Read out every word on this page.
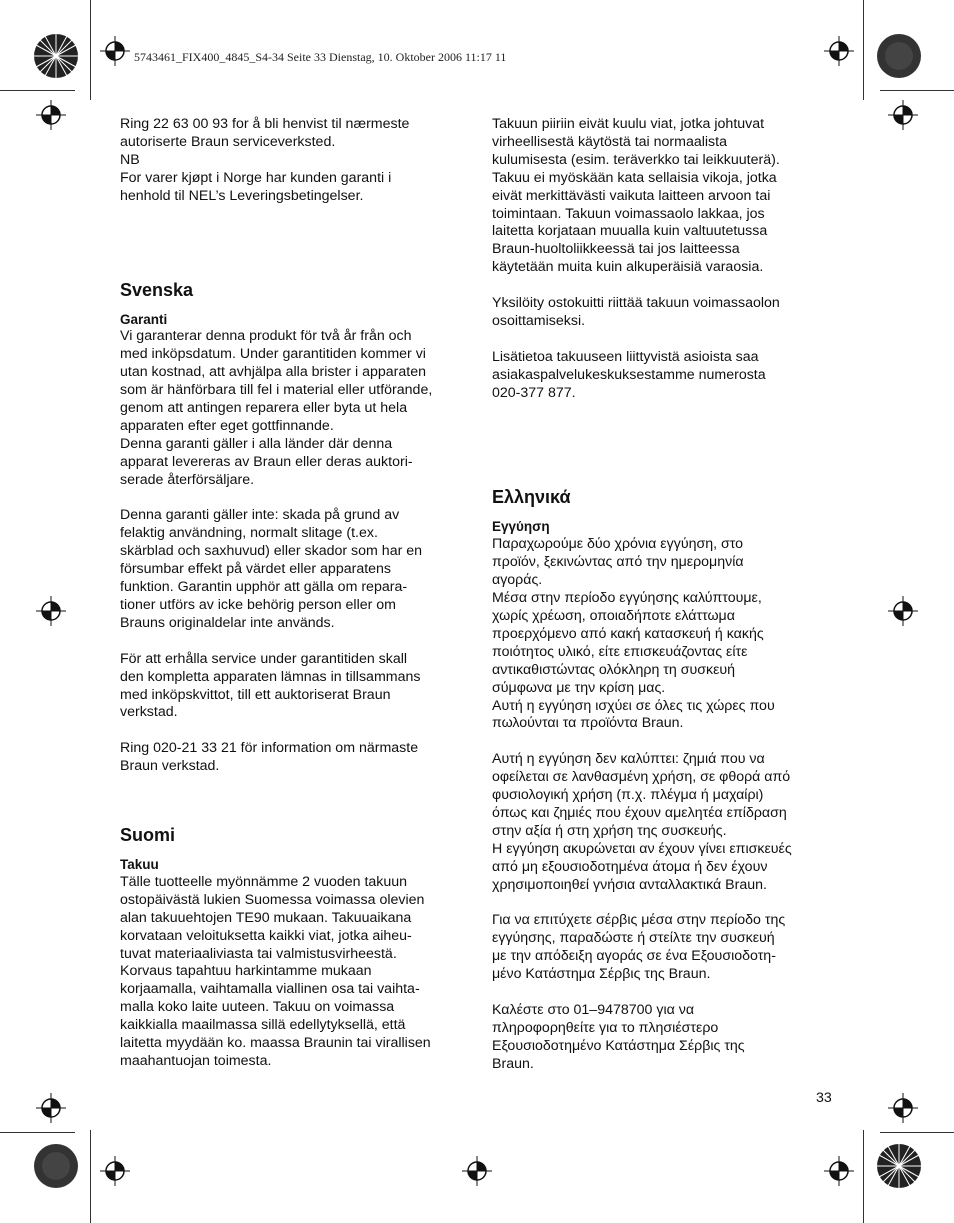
5743461_FIX400_4845_S4-34 Seite 33 Dienstag, 10. Oktober 2006 11:17 11

Ring 22 63 00 93 for å bli henvist til nærmeste
autoriserte Braun serviceverksted.
NB
For varer kjøpt i Norge har kunden garanti i
henhold til NEL’s Leveringsbetingelser.

Svenska

Garanti

Vi garanterar denna produkt för två år från och
med inköpsdatum. Under garantitiden kommer vi
utan kostnad, att avhjälpa alla brister i apparaten
som är hänförbara till fel i material eller utförande,
genom att antingen reparera eller byta ut hela
apparaten efter eget gottfinnande.
Denna garanti gäller i alla länder där denna
apparat levereras av Braun eller deras auktori-
serade återförsäljare.

Denna garanti gäller inte: skada på grund av
felaktig användning, normalt slitage (t.ex.
skärblad och saxhuvud) eller skador som har en
försumbar effekt på värdet eller apparatens
funktion. Garantin upphör att gälla om repara-
tioner utförs av icke behörig person eller om
Brauns originaldelar inte används.

För att erhålla service under garantitiden skall
den kompletta apparaten lämnas in tillsammans
med inköpskvittot, till ett auktoriserat Braun
verkstad.

Ring 020-21 33 21 för information om närmaste
Braun verkstad.

Suomi

Takuu

Tälle tuotteelle myönnämme 2 vuoden takuun
ostopäivästä lukien Suomessa voimassa olevien
alan takuuehtojen TE90 mukaan. Takuuaikana
korvataan veloituksetta kaikki viat, jotka aiheu-
tuvat materiaaliviasta tai valmistusvirheestä.
Korvaus tapahtuu harkintamme mukaan
korjaamalla, vaihtamalla viallinen osa tai vaihta-
malla koko laite uuteen. Takuu on voimassa
kaikkialla maailmassa sillä edellytyksellä, että
laitetta myydään ko. maassa Braunin tai virallisen
maahantuojan toimesta.

Takuun piiriin eivät kuulu viat, jotka johtuvat
virheellisestä käytöstä tai normaalista
kulumisesta (esim. teräverkko tai leikkuuterä).
Takuu ei myöskään kata sellaisia vikoja, jotka
eivät merkittävästi vaikuta laitteen arvoon tai
toimintaan. Takuun voimassaolo lakkaa, jos
laitetta korjataan muualla kuin valtuutetussa
Braun-huoltoliikkeessä tai jos laitteessa
käytetään muita kuin alkuperäisiä varaosia.

Yksilöity ostokuitti riittää takuun voimassaolon
osoittamiseksi.

Lisätietoa takuuseen liittyvistä asioista saa
asiakaspalvelukeskuksestamme numerosta
020-377 877.

Ελληνικά

Εγγύηση

Παραχωρούμε δύο χρόνια εγγύηση, στο
προϊόν, ξεκινώντας από την ημερομηνία
αγοράς.
Μέσα στην περίοδο εγγύησης καλύπτουμε,
χωρίς χρέωση, οποιαδήποτε ελάττωμα
προερχόμενο από κακή κατασκευή ή κακής
ποιότητος υλικό, είτε επισκευάζοντας είτε
αντικαθιστώντας ολόκληρη τη συσκευή
σύμφωνα με την κρίση μας.
Αυτή η εγγύηση ισχύει σε όλες τις χώρες που
πωλούνται τα προϊόντα Braun.

Αυτή η εγγύηση δεν καλύπτει: ζημιά που να
οφείλεται σε λανθασμένη χρήση, σε φθορά από
φυσιολογική χρήση (π.χ. πλέγμα ή μαχαίρι)
όπως και ζημιές που έχουν αμελητέα επίδραση
στην αξία ή στη χρήση της συσκευής.
Η εγγύηση ακυρώνεται αν έχουν γίνει επισκευές
από μη εξουσιοδοτημένα άτομα ή δεν έχουν
χρησιμοποιηθεί γνήσια ανταλλακτικά Braun.

Για να επιτύχετε σέρβις μέσα στην περίοδο της
εγγύησης, παραδώστε ή στείλτε την συσκευή
με την απόδειξη αγοράς σε ένα Εξουσιοδοτη-
μένο Κατάστημα Σέρβις της Braun.

Καλέστε στο 01–9478700 για να
πληροφορηθείτε για το πλησιέστερο
Εξουσιοδοτημένο Κατάστημα Σέρβις της
Braun.

33
